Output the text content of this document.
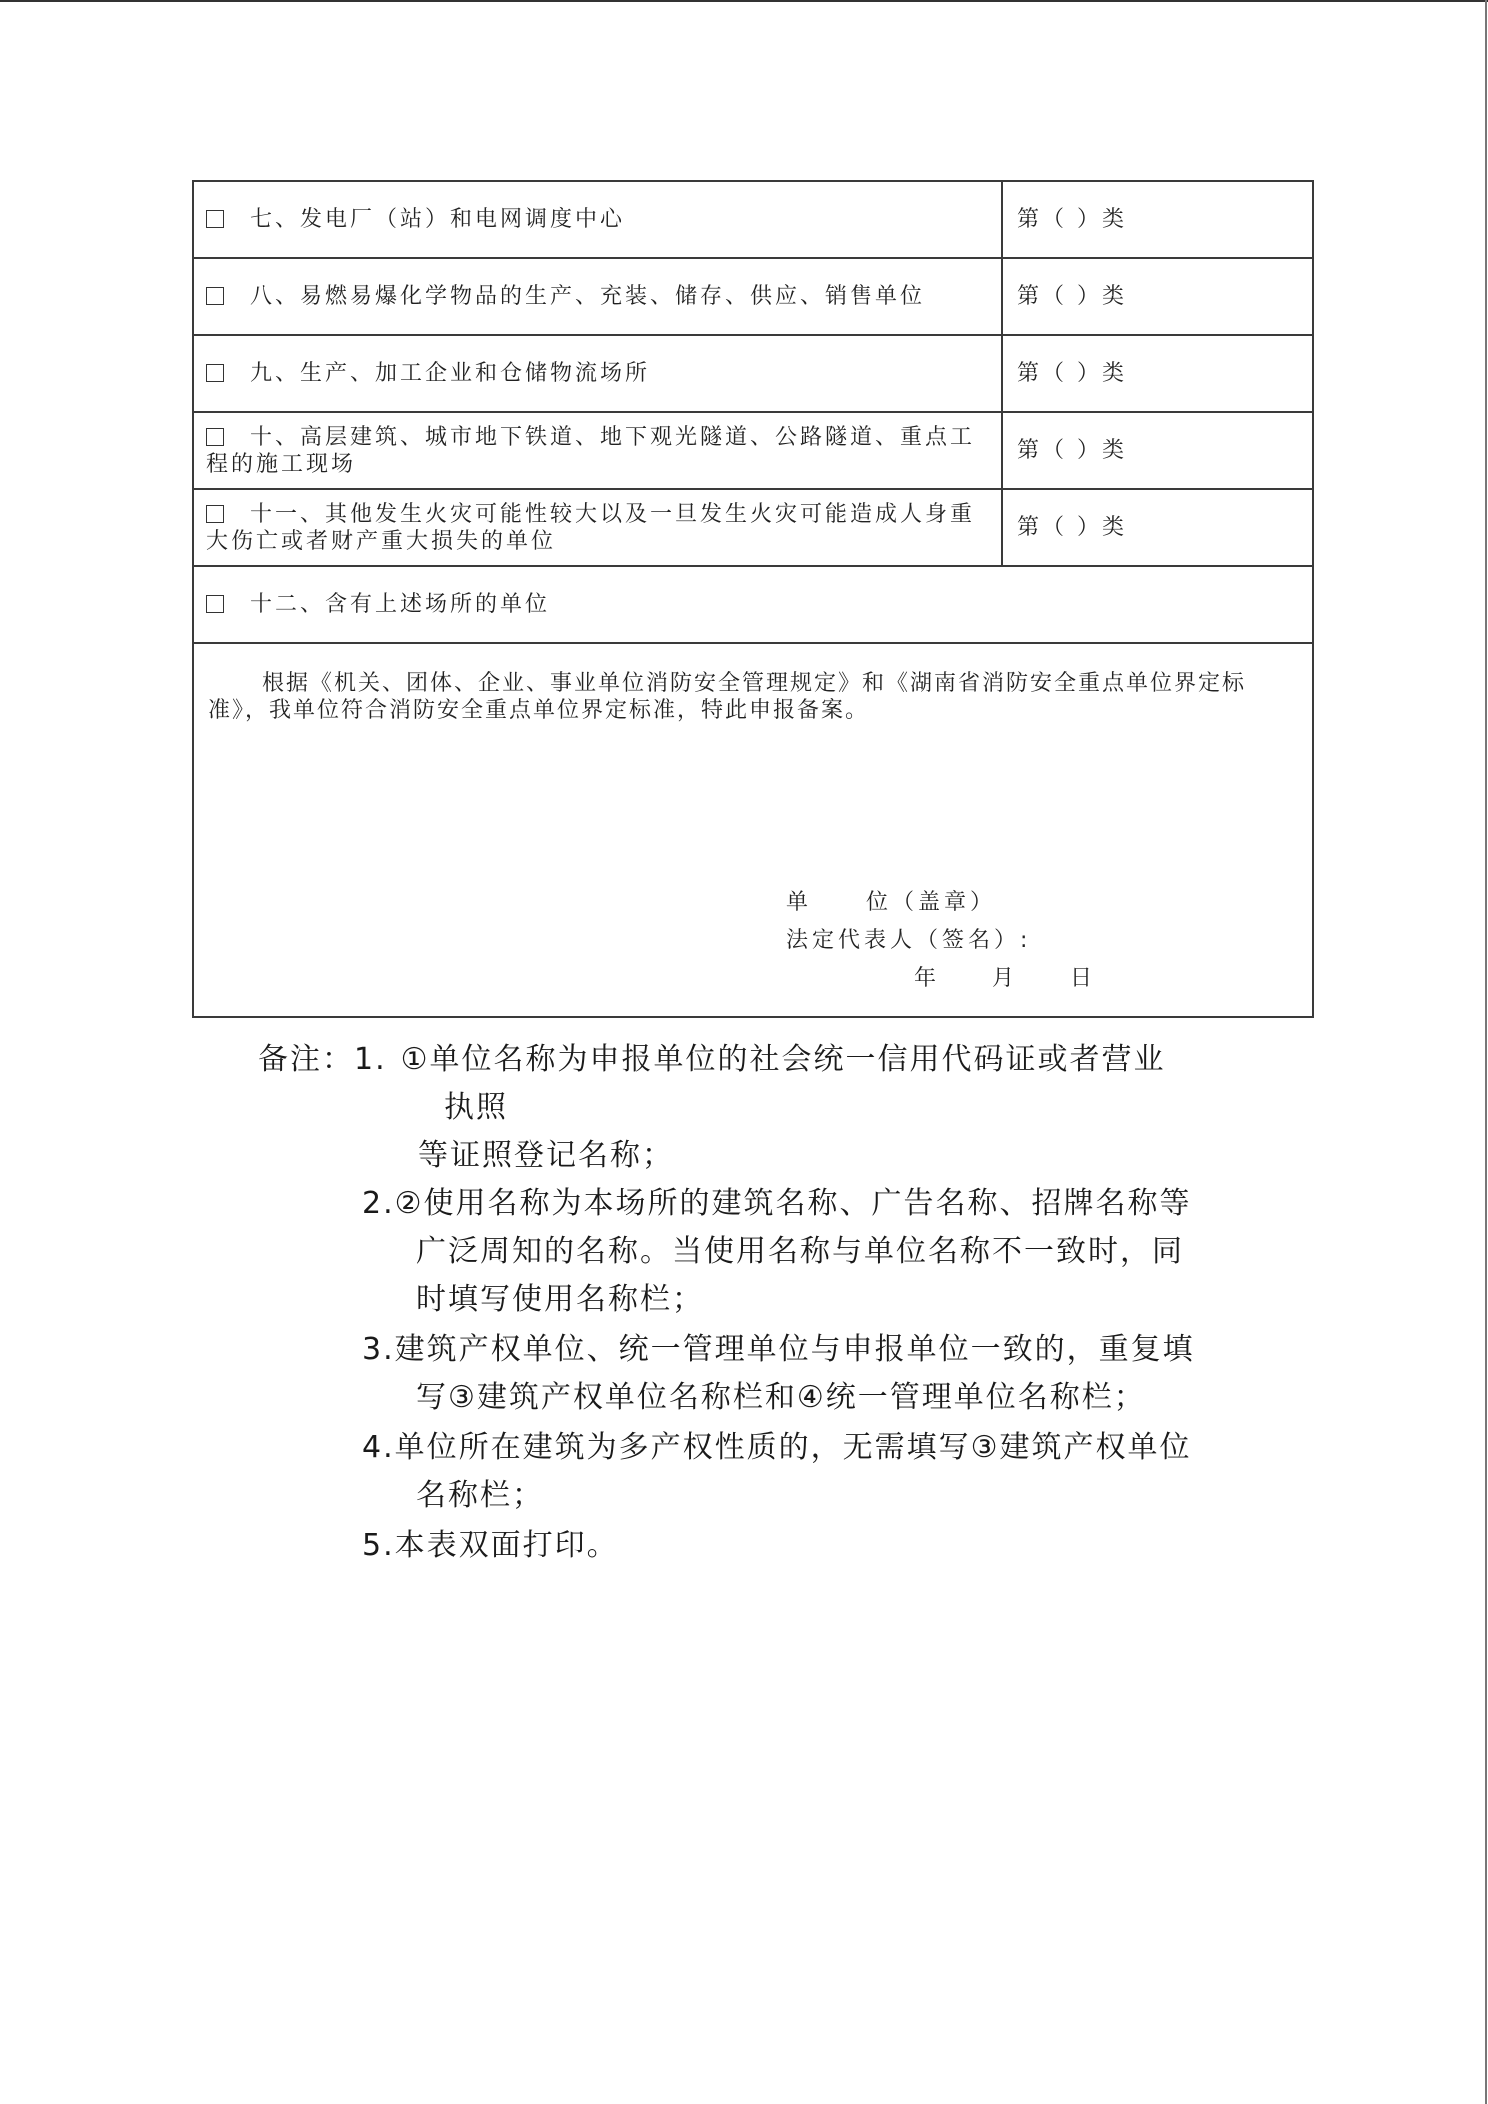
七、发电厂（站）和电网调度中心	第（ ）类
八、易燃易爆化学物品的生产、充装、储存、供应、销售单位	第（ ）类
九、生产、加工企业和仓储物流场所	第（ ）类
十、高层建筑、城市地下铁道、地下观光隧道、公路隧道、重点工程的施工现场	第（ ）类
十一、其他发生火灾可能性较大以及一旦发生火灾可能造成人身重大伤亡或者财产重大损失的单位	第（ ）类
十二、含有上述场所的单位	

根据《机关、团体、企业、事业单位消防安全管理规定》和《湖南省消防安全重点单位界定标准》，我单位符合消防安全重点单位界定标准，特此申报备案。
单 位（盖章）
法定代表人（签名）:
年 月 日	
备注：1. ①单位名称为申报单位的社会统一信用代码证或者营业
执照
等证照登记名称；
2.②使用名称为本场所的建筑名称、广告名称、招牌名称等
广泛周知的名称。当使用名称与单位名称不一致时，同
时填写使用名称栏；
3.建筑产权单位、统一管理单位与申报单位一致的，重复填
写③建筑产权单位名称栏和④统一管理单位名称栏；
4.单位所在建筑为多产权性质的，无需填写③建筑产权单位
名称栏；
5.本表双面打印。
